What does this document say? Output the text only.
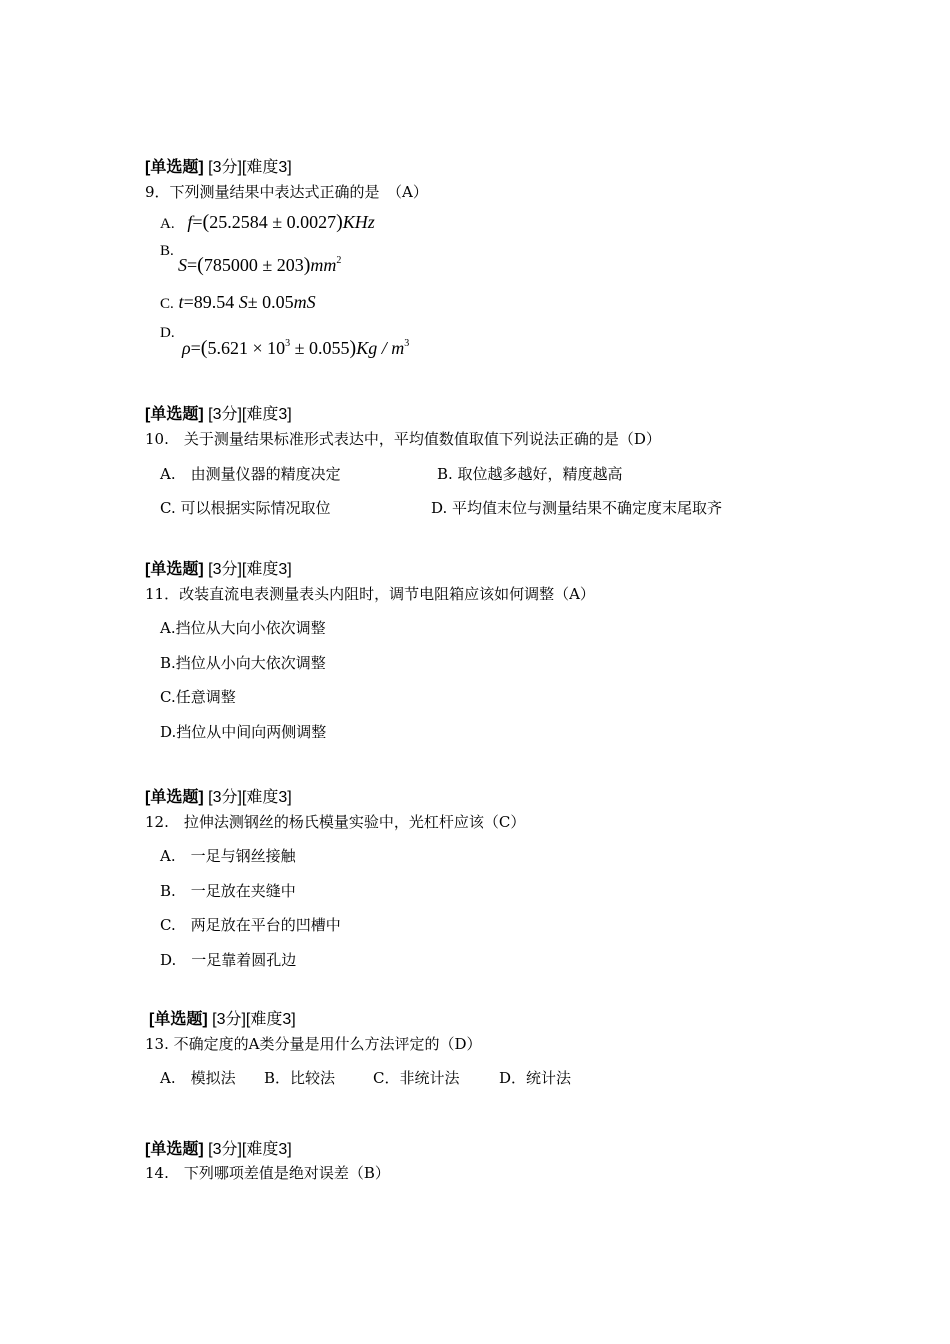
[单选题] [3分][难度3]
9．下列测量结果中表达式正确的是　（A）
A. f=(25.2584 ± 0.0027)KHz
B.
$S=(785000 \pm 203)mm^2$
C. t=89.54 S± 0.05mS
D.
$\rho=(5.621 \times 10^3 \pm 0.055)Kg / m^3$
[单选题] [3分][难度3]
10.　关于测量结果标准形式表达中，平均值数值取值下列说法正确的是（D）
A.　由测量仪器的精度决定	B. 取位越多越好，精度越高
C. 可以根据实际情况取位	D. 平均值末位与测量结果不确定度末尾取齐
[单选题] [3分][难度3]
11．改装直流电表测量表头内阻时，调节电阻箱应该如何调整（A）
A.挡位从大向小依次调整
B.挡位从小向大依次调整
C.任意调整
D.挡位从中间向两侧调整
[单选题] [3分][难度3]
12.　拉伸法测钢丝的杨氏模量实验中，光杠杆应该（C）
A.　一足与钢丝接触
B.　一足放在夹缝中
C.　两足放在平台的凹槽中
D.　一足靠着圆孔边
[单选题] [3分][难度3]
13. 不确定度的A类分量是用什么方法评定的（D）
A.　模拟法 B．比较法	C．非统计法	D．统计法
[单选题] [3分][难度3]
14.　下列哪项差值是绝对误差（B）
